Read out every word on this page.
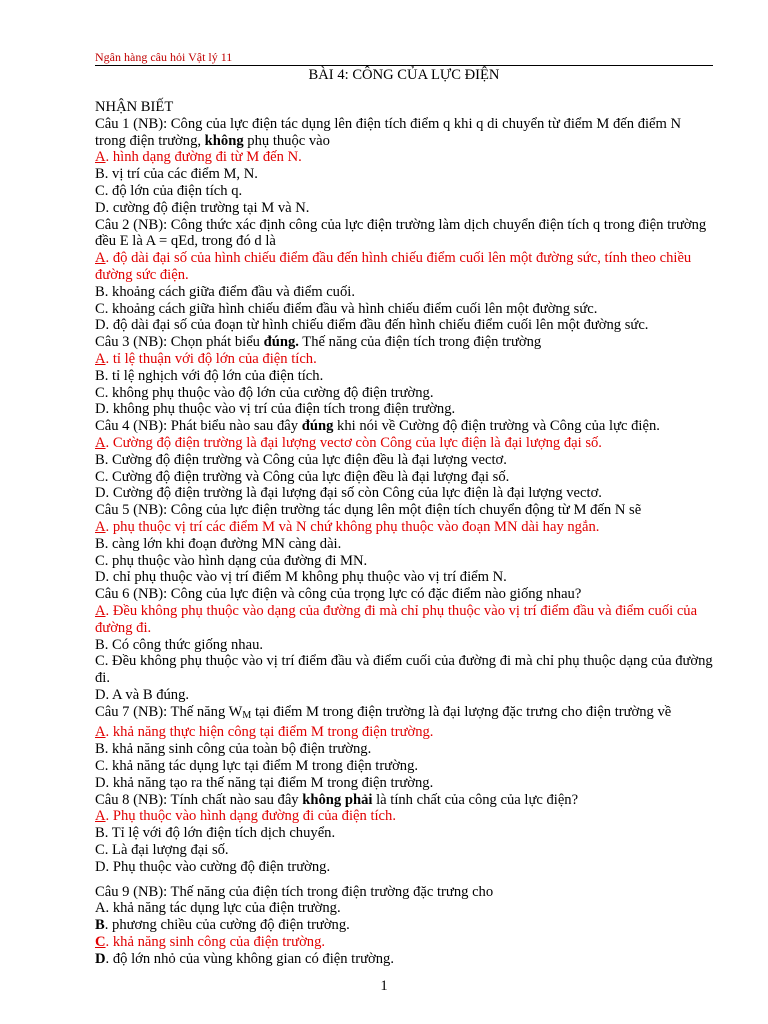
Ngân hàng câu hỏi Vật lý 11
BÀI 4: CÔNG CỦA LỰC ĐIỆN

NHẬN BIẾT

Câu 1 (NB): Công của lực điện tác dụng lên điện tích điểm q khi q di chuyển từ điểm M đến điểm N trong điện trường, không phụ thuộc vào

A. hình dạng đường đi từ M đến N.

B. vị trí của các điểm M, N.

C. độ lớn của điện tích q.

D. cường độ điện trường tại M và N.

Câu 2 (NB): Công thức xác định công của lực điện trường làm dịch chuyển điện tích q trong điện trường đều E là A = qEd, trong đó d là

A. độ dài đại số của hình chiếu điểm đầu đến hình chiếu điểm cuối lên một đường sức, tính theo chiều đường sức điện.

B. khoảng cách giữa điểm đầu và điểm cuối.

C. khoảng cách giữa hình chiếu điểm đầu và hình chiếu điểm cuối lên một đường sức.

D. độ dài đại số của đoạn từ hình chiếu điểm đầu đến hình chiếu điểm cuối lên một đường sức.

Câu 3 (NB): Chọn phát biểu đúng. Thế năng của điện tích trong điện trường

A. tỉ lệ thuận với độ lớn của điện tích.

B. tỉ lệ nghịch với độ lớn của điện tích.

C. không phụ thuộc vào độ lớn của cường độ điện trường.

D. không phụ thuộc vào vị trí của điện tích trong điện trường.

Câu 4 (NB): Phát biểu nào sau đây đúng khi nói về Cường độ điện trường và Công của lực điện.

A. Cường độ điện trường là đại lượng vectơ còn Công của lực điện là đại lượng đại số.

B. Cường độ điện trường và Công của lực điện đều là đại lượng vectơ.

C. Cường độ điện trường và Công của lực điện đều là đại lượng đại số.

D. Cường độ điện trường là đại lượng đại số còn Công của lực điện là đại lượng vectơ.

Câu 5 (NB): Công của lực điện trường tác dụng lên một điện tích chuyển động từ M đến N sẽ

A. phụ thuộc vị trí các điểm M và N chứ không phụ thuộc vào đoạn MN dài hay ngắn.

B. càng lớn khi đoạn đường MN càng dài.

C. phụ thuộc vào hình dạng của đường đi MN.

D. chỉ phụ thuộc vào vị trí điểm M không phụ thuộc vào vị trí điểm N.

Câu 6 (NB): Công của lực điện và công của trọng lực có đặc điểm nào giống nhau?

A. Đều không phụ thuộc vào dạng của đường đi mà chỉ phụ thuộc vào vị trí điểm đầu và điểm cuối của đường đi.

B. Có công thức giống nhau.

C. Đều không phụ thuộc vào vị trí điểm đầu và điểm cuối của đường đi mà chỉ phụ thuộc dạng của đường đi.

D. A và B đúng.

Câu 7 (NB): Thế năng $W_M$ tại điểm M trong điện trường là đại lượng đặc trưng cho điện trường về

A. khả năng thực hiện công tại điểm M trong điện trường.

B. khả năng sinh công của toàn bộ điện trường.

C. khả năng tác dụng lực tại điểm M trong điện trường.

D. khả năng tạo ra thế năng tại điểm M trong điện trường.

Câu 8 (NB): Tính chất nào sau đây không phải là tính chất của công của lực điện?

A. Phụ thuộc vào hình dạng đường đi của điện tích.

B. Tỉ lệ với độ lớn điện tích dịch chuyển.

C. Là đại lượng đại số.

D. Phụ thuộc vào cường độ điện trường.

Câu 9 (NB): Thế năng của điện tích trong điện trường đặc trưng cho

A. khả năng tác dụng lực của điện trường.

B. phương chiều của cường độ điện trường.

C. khả năng sinh công của điện trường.

D. độ lớn nhỏ của vùng không gian có điện trường.

1
